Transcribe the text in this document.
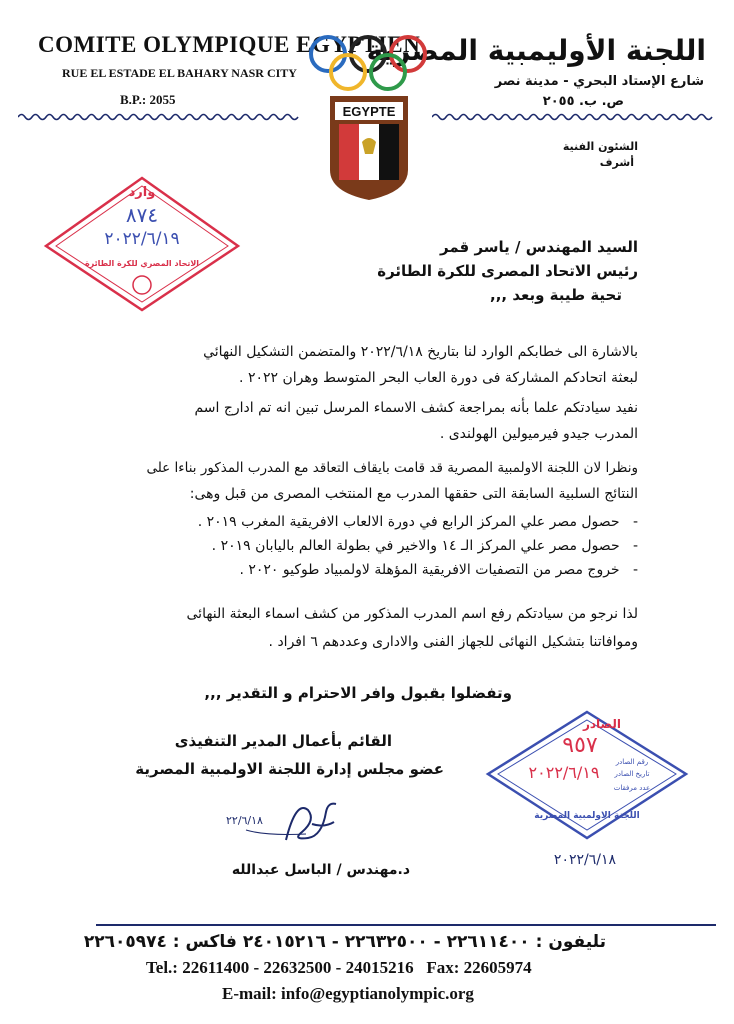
COMITE OLYMPIQUE EGYPTIEN
RUE EL ESTADE EL BAHARY NASR CITY
B.P.: 2055
اللجنة الأوليمبية المصرية
شارع الإستاد البحري - مدينة نصر
ص. ب. ٢٠٥٥
EGYPTE
الشئون الفنية
أشرف
وارد
٨٧٤
٢٠٢٢/٦/١٩
الاتحاد المصري للكرة الطائرة
السيد المهندس / ياسر قمر
رئيس الاتحاد المصرى للكرة الطائرة
تحية طيبة وبعد ,,,
بالاشارة الى خطابكم الوارد لنا بتاريخ ٢٠٢٢/٦/١٨ والمتضمن التشكيل النهائي
لبعثة اتحادكم المشاركة فى دورة العاب البحر المتوسط وهران ٢٠٢٢ .
نفيد سيادتكم علما بأنه بمراجعة كشف الاسماء المرسل تبين انه تم ادارج اسم
المدرب جيدو فيرميولين الهولندى .
ونظرا لان اللجنة الاولمبية المصرية قد قامت بايقاف التعاقد مع المدرب المذكور بناءا على
النتائج السلبية السابقة التى حققها المدرب مع المنتخب المصرى من قبل وهى:
-   حصول مصر علي المركز الرابع في دورة الالعاب الافريقية المغرب ٢٠١٩ .
-   حصول مصر علي المركز الـ ١٤ والاخير في بطولة العالم باليابان ٢٠١٩ .
-   خروج مصر من التصفيات الافريقية المؤهلة لاولمبياد طوكيو ٢٠٢٠ .
لذا نرجو من سيادتكم رفع اسم المدرب المذكور من كشف اسماء البعثة النهائى
وموافاتنا بتشكيل النهائى للجهاز الفنى والادارى وعددهم ٦ افراد .
وتفضلوا بقبول وافر الاحترام و التقدير ,,,
القائم بأعمال المدير التنفيذى
عضو مجلس إدارة اللجنة الاولمبية المصرية
٢٢/٦/١٨
د.مهندس / الباسل عبدالله
الصادر
٩٥٧
رقم الصادر
تاريخ الصادر
٢٠٢٢/٦/١٩
عدد مرفقات
اللجنة الاولمبية المصرية
٢٠٢٢/٦/١٨
تليفون : ٢٢٦١١٤٠٠ - ٢٢٦٣٢٥٠٠ - ٢٤٠١٥٢١٦ فاكس : ٢٢٦٠٥٩٧٤
Tel.: 22611400 - 22632500 - 24015216 Fax: 22605974
E-mail: info@egyptianolympic.org
